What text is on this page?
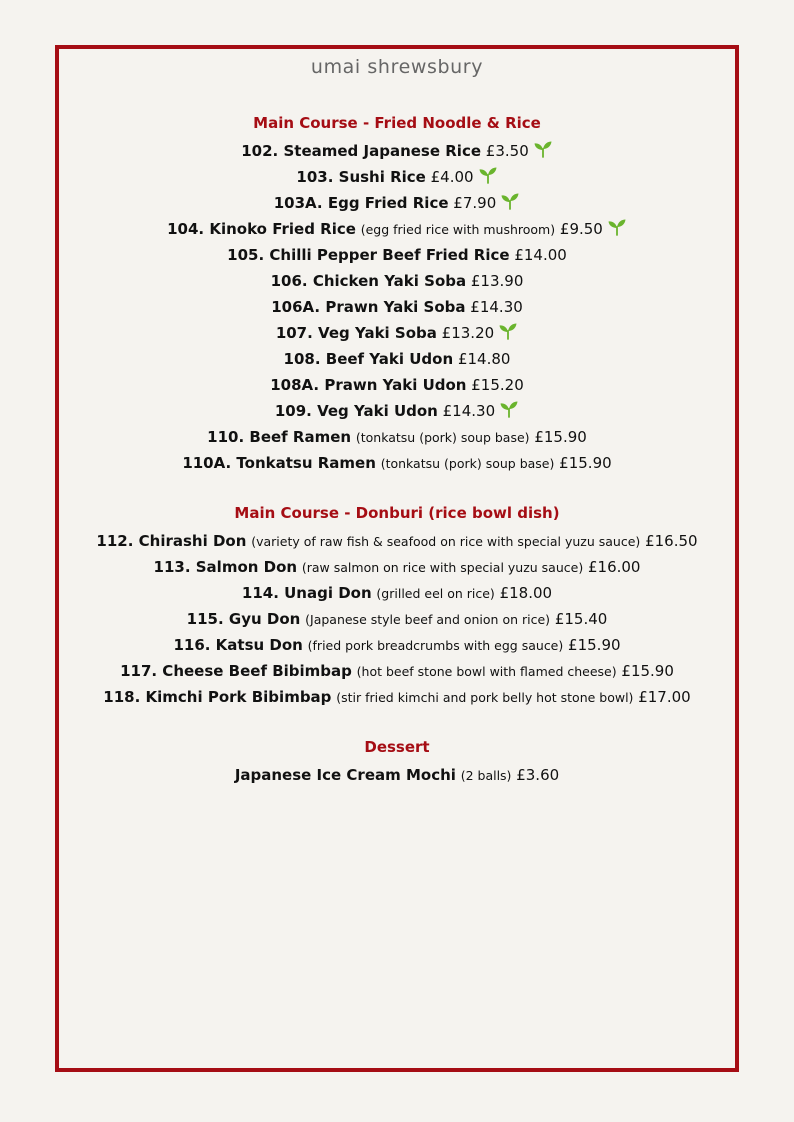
umai shrewsbury
Main Course - Fried Noodle & Rice
102. Steamed Japanese Rice £3.50
103. Sushi Rice £4.00
103A. Egg Fried Rice £7.90
104. Kinoko Fried Rice (egg fried rice with mushroom) £9.50
105. Chilli Pepper Beef Fried Rice £14.00
106. Chicken Yaki Soba £13.90
106A. Prawn Yaki Soba £14.30
107. Veg Yaki Soba £13.20
108. Beef Yaki Udon £14.80
108A. Prawn Yaki Udon £15.20
109. Veg Yaki Udon £14.30
110. Beef Ramen (tonkatsu (pork) soup base) £15.90
110A. Tonkatsu Ramen (tonkatsu (pork) soup base) £15.90
Main Course - Donburi (rice bowl dish)
112. Chirashi Don (variety of raw fish & seafood on rice with special yuzu sauce) £16.50
113. Salmon Don (raw salmon on rice with special yuzu sauce) £16.00
114. Unagi Don (grilled eel on rice) £18.00
115. Gyu Don (Japanese style beef and onion on rice) £15.40
116. Katsu Don (fried pork breadcrumbs with egg sauce) £15.90
117. Cheese Beef Bibimbap (hot beef stone bowl with flamed cheese) £15.90
118. Kimchi Pork Bibimbap (stir fried kimchi and pork belly hot stone bowl) £17.00
Dessert
Japanese Ice Cream Mochi (2 balls) £3.60
